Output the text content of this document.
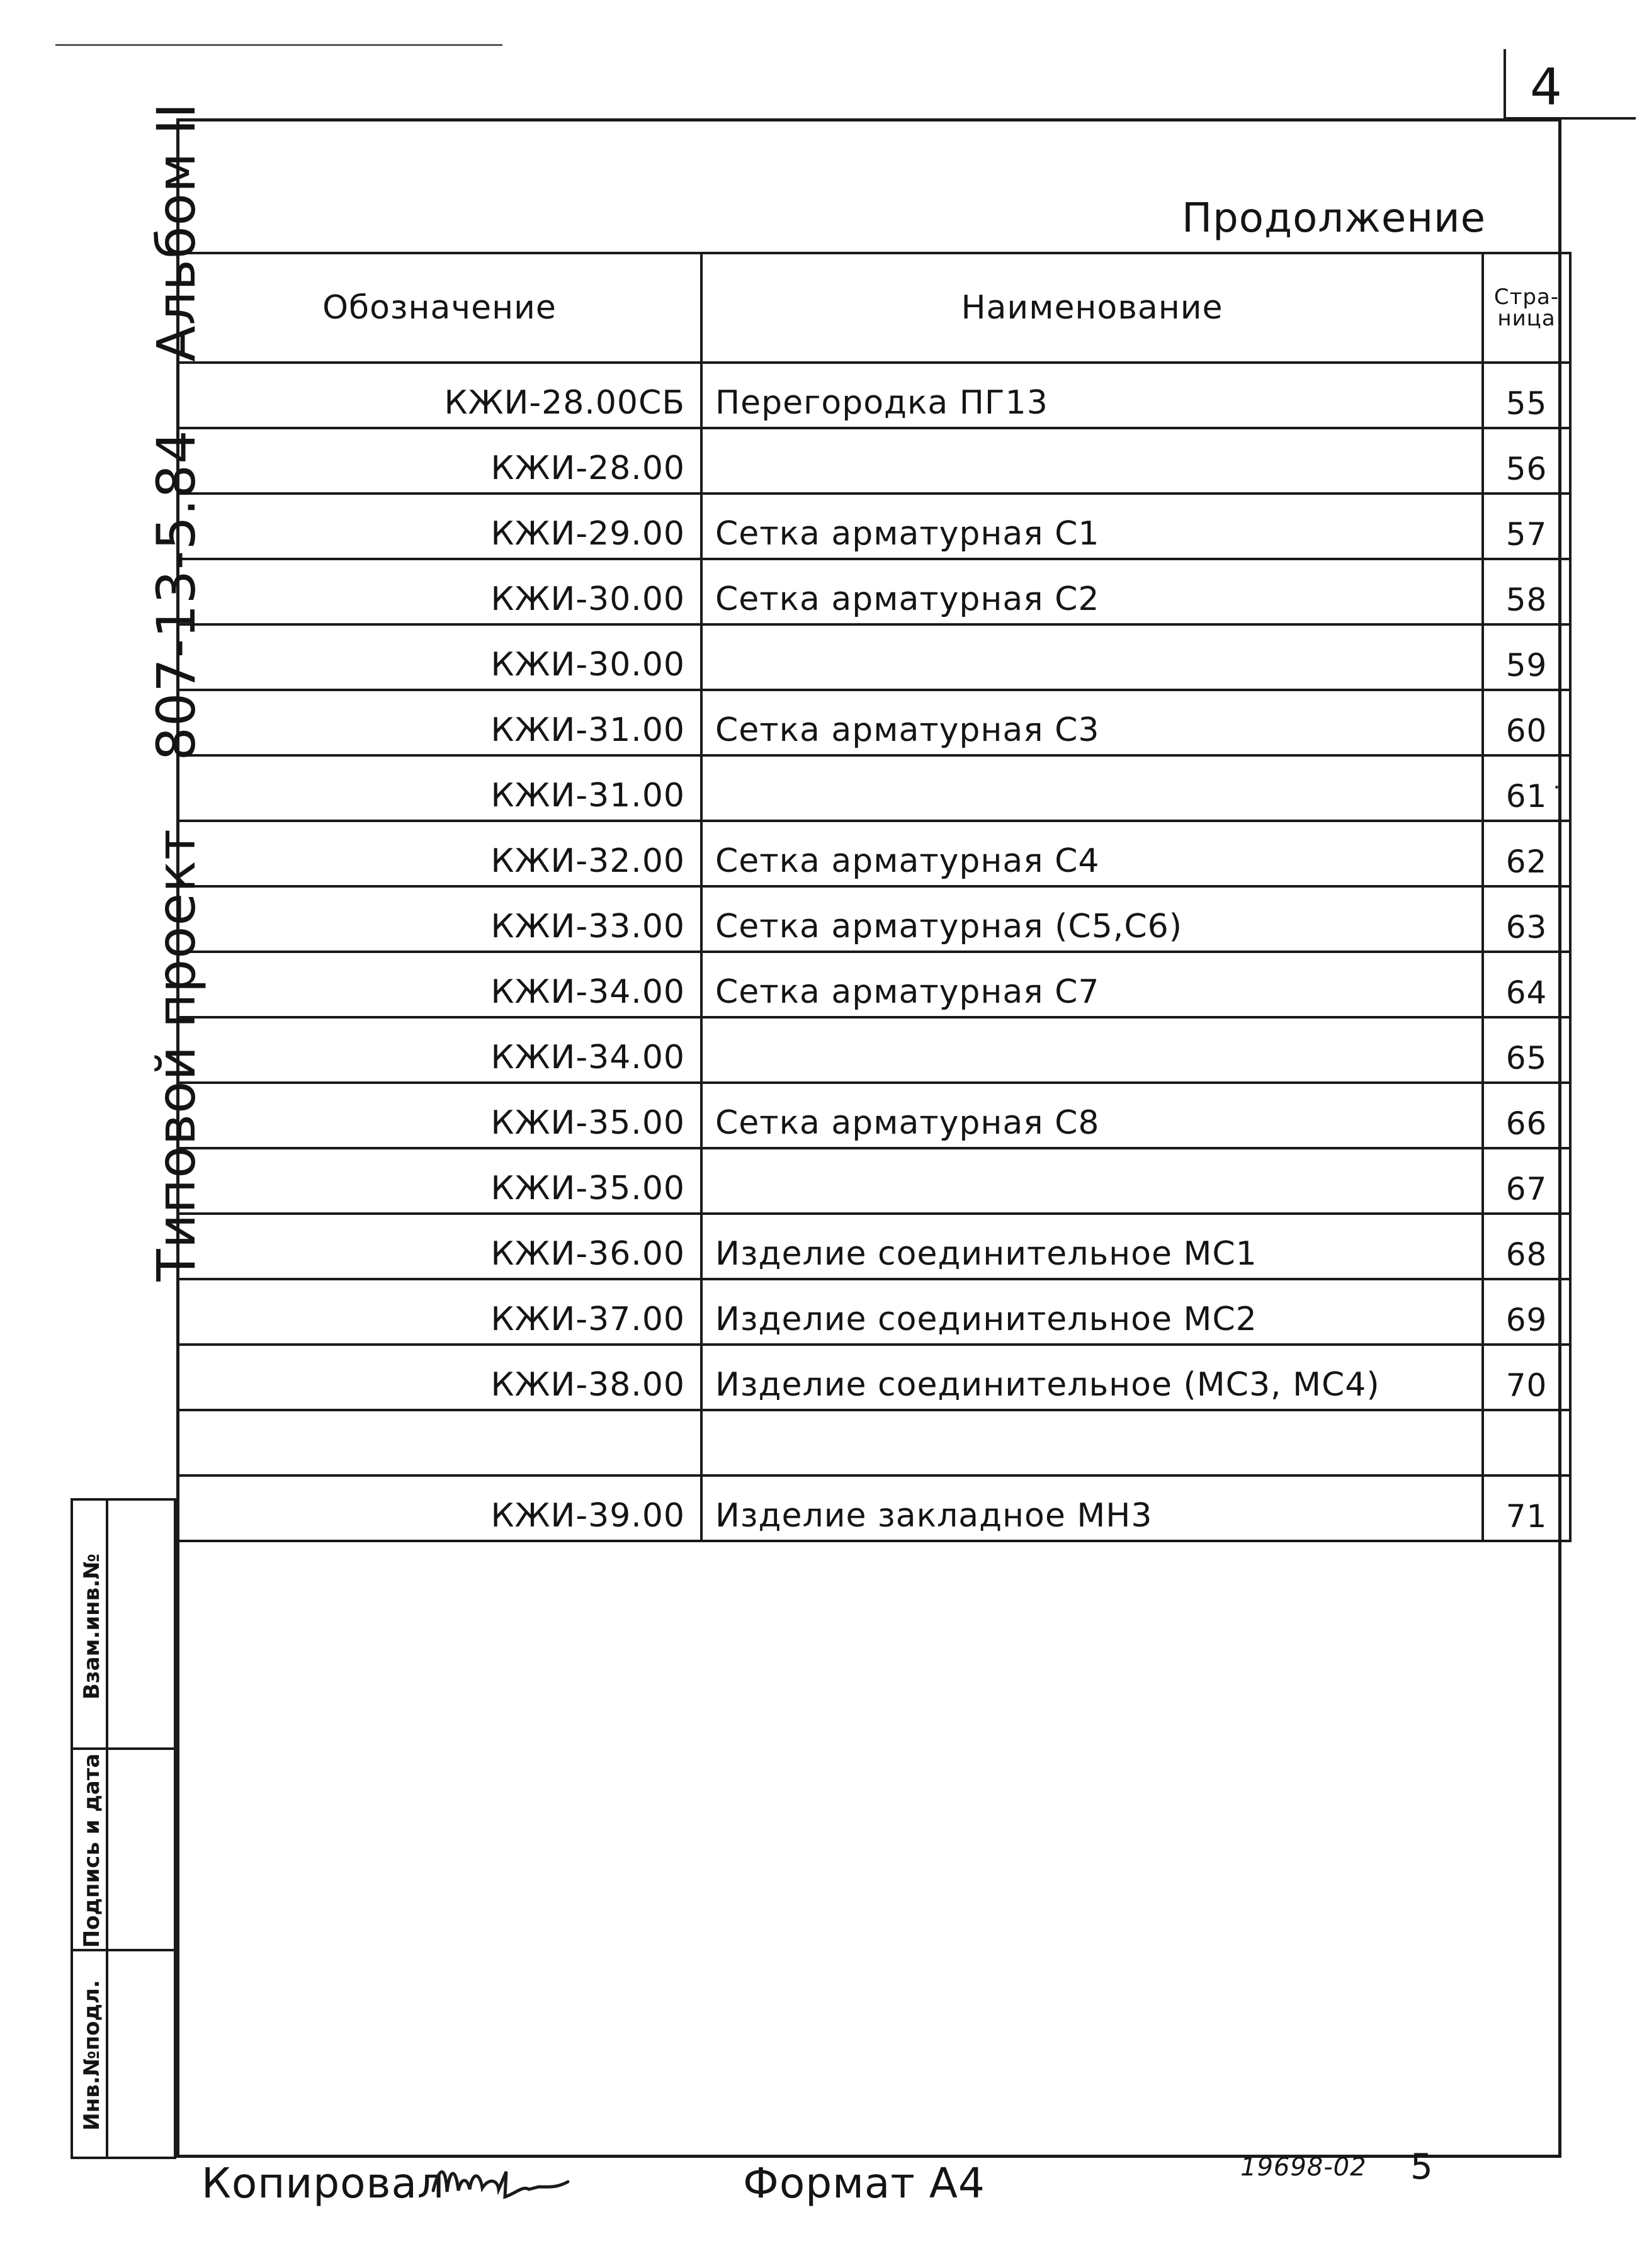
4
Продолжение
Обозначение	Наименование	Стра-ница
КЖИ-28.00СБ	Перегородка ПГ13	55
КЖИ-28.00		56
КЖИ-29.00	Сетка арматурная С1	57
КЖИ-30.00	Сетка арматурная С2	58
КЖИ-30.00		59
КЖИ-31.00	Сетка арматурная С3	60
КЖИ-31.00		61
КЖИ-32.00	Сетка арматурная С4	62
КЖИ-33.00	Сетка арматурная (С5,С6)	63
КЖИ-34.00	Сетка арматурная С7	64
КЖИ-34.00		65
КЖИ-35.00	Сетка арматурная С8	66
КЖИ-35.00		67
КЖИ-36.00	Изделие соединительное МС1	68
КЖИ-37.00	Изделие соединительное МС2	69
КЖИ-38.00	Изделие соединительное (МС3, МС4)	70

КЖИ-39.00	Изделие закладное МН3	71
Типовой проект 807-13-5.84 Альбом II
Взам.инв.№
Подпись и дата
Инв.№подл.
Копировал	Формат А4	19698-02 5
